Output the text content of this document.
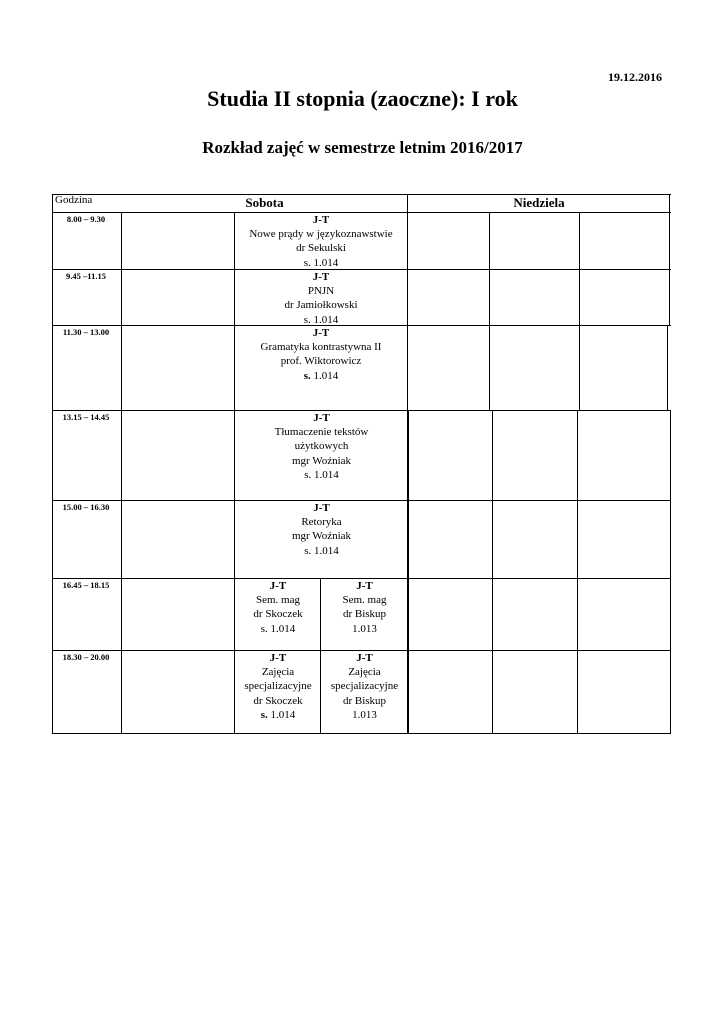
19.12.2016
Studia II stopnia (zaoczne): I rok
Rozkład zajęć w semestrze letnim 2016/2017
Godzina	Sobota	Niedziela
8.00 – 9.30
9.45 –11.15
11.30 – 13.00
13.15 – 14.45
15.00 – 16.30
16.45 – 18.15
18.30 – 20.00
J-T
Nowe prądy w językoznawstwie
dr Sekulski
s. 1.014
J-T
PNJN
dr Jamiołkowski
s. 1.014
J-T
Gramatyka kontrastywna II
prof. Wiktorowicz
s. 1.014
J-T
Tłumaczenie tekstów
użytkowych
mgr Woźniak
s. 1.014
J-T
Retoryka
mgr Woźniak
s. 1.014
J-T
Sem. mag
dr Skoczek
s. 1.014
J-T
Sem. mag
dr Biskup
1.013
J-T
Zajęcia
specjalizacyjne
dr Skoczek
s. 1.014
J-T
Zajęcia
specjalizacyjne
dr Biskup
1.013
